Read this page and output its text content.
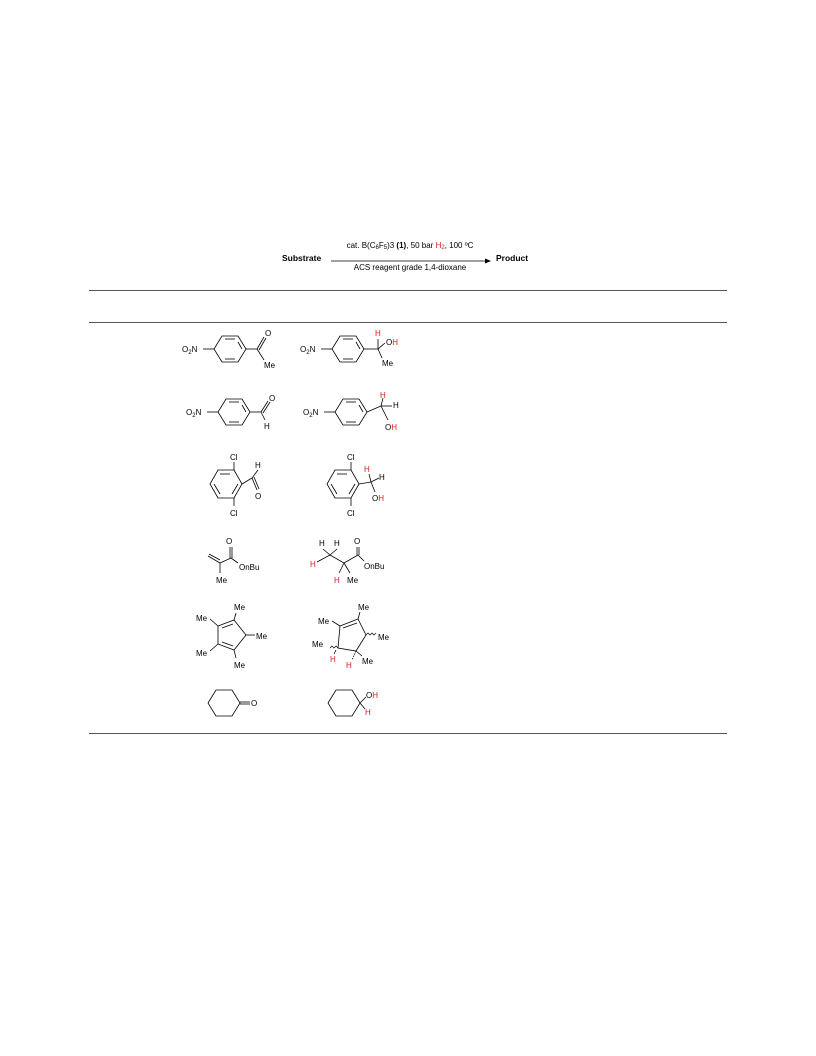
Substrate
cat. $B(C_6F_5)3$ (1), 50 bar $H_2$, 100 ºC
ACS reagent grade 1,4-dioxane
Product
$O_2N$
O
Me
$O_2N$
H
OH
Me
$O_2N$
O
H
$O_2N$
H
H
OH
Cl
Cl
H
O
Cl
Cl
H
H
OH
O
OnBu
Me
H H
H
H Me
O
OnBu
Me
Me
Me
Me
Me
Me
Me
Me
Me
Me
H
H
O
OH
H
